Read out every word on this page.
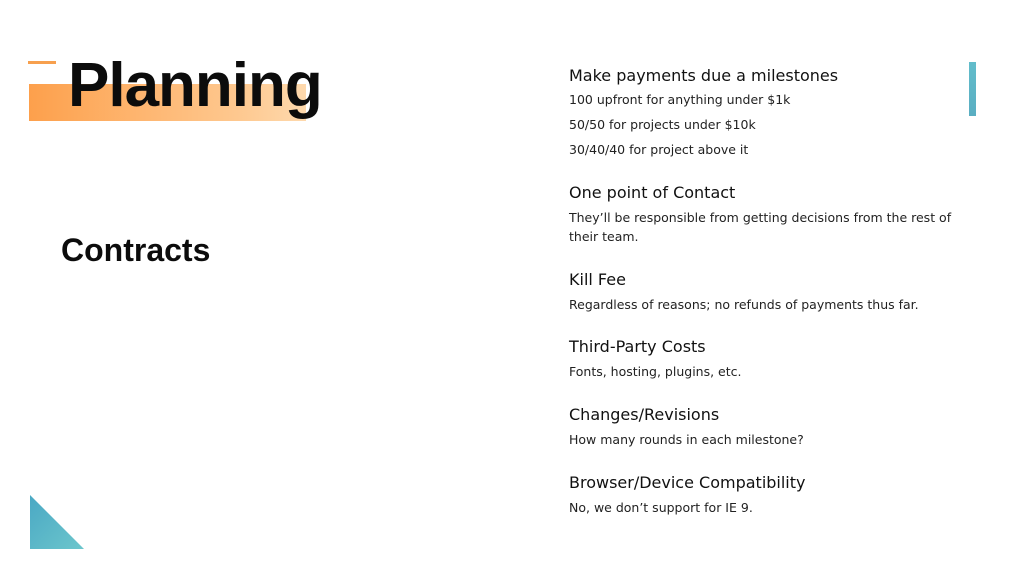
Planning
Contracts
Make payments due a milestones

100 upfront for anything under $1k

50/50 for projects under $10k

30/40/40 for project above it

One point of Contact

They’ll be responsible from getting decisions from the rest of their team.

Kill Fee

Regardless of reasons; no refunds of payments thus far.

Third-Party Costs

Fonts, hosting, plugins, etc.

Changes/Revisions

How many rounds in each milestone?

Browser/Device Compatibility

No, we don’t support for IE 9.
